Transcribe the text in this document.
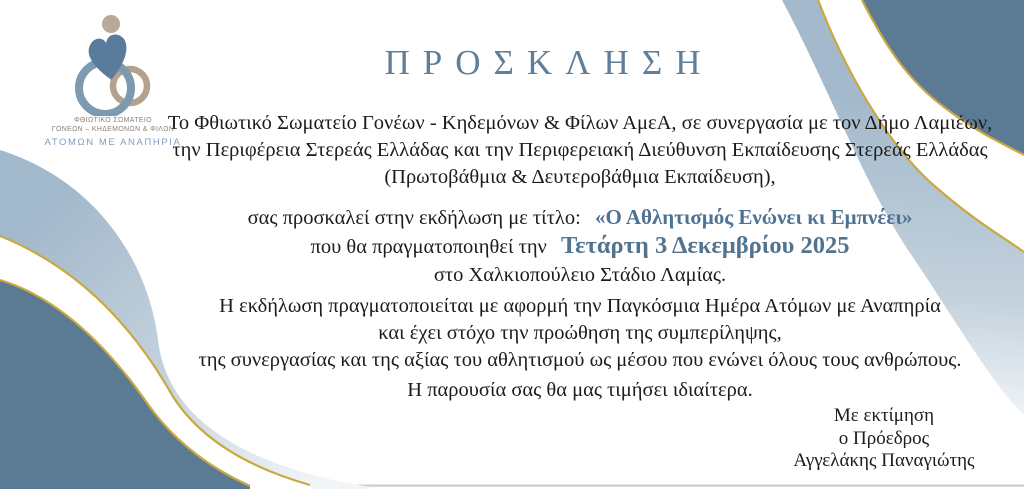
ΦΘΙΩΤΙΚΟ ΣΩΜΑΤΕΙΟ
ΓΟΝΕΩΝ – ΚΗΔΕΜΟΝΩΝ & ΦΙΛΩΝ
ΑΤΟΜΩΝ ΜΕ ΑΝΑΠΗΡΙΑ
ΠΡΟΣΚΛΗΣΗ
Το Φθιωτικό Σωματείο Γονέων - Κηδεμόνων & Φίλων ΑμεΑ, σε συνεργασία με τον Δήμο Λαμιέων,
την Περιφέρεια Στερεάς Ελλάδας και την Περιφερειακή Διεύθυνση Εκπαίδευσης Στερεάς Ελλάδας
(Πρωτοβάθμια & Δευτεροβάθμια Εκπαίδευση),
σας προσκαλεί στην εκδήλωση με τίτλο: «Ο Αθλητισμός Ενώνει κι Εμπνέει»
που θα πραγματοποιηθεί την Τετάρτη 3 Δεκεμβρίου 2025
στο Χαλκιοπούλειο Στάδιο Λαμίας.
Η εκδήλωση πραγματοποιείται με αφορμή την Παγκόσμια Ημέρα Ατόμων με Αναπηρία
και έχει στόχο την προώθηση της συμπερίληψης,
της συνεργασίας και της αξίας του αθλητισμού ως μέσου που ενώνει όλους τους ανθρώπους.
Η παρουσία σας θα μας τιμήσει ιδιαίτερα.
Με εκτίμηση
ο Πρόεδρος
Αγγελάκης Παναγιώτης
